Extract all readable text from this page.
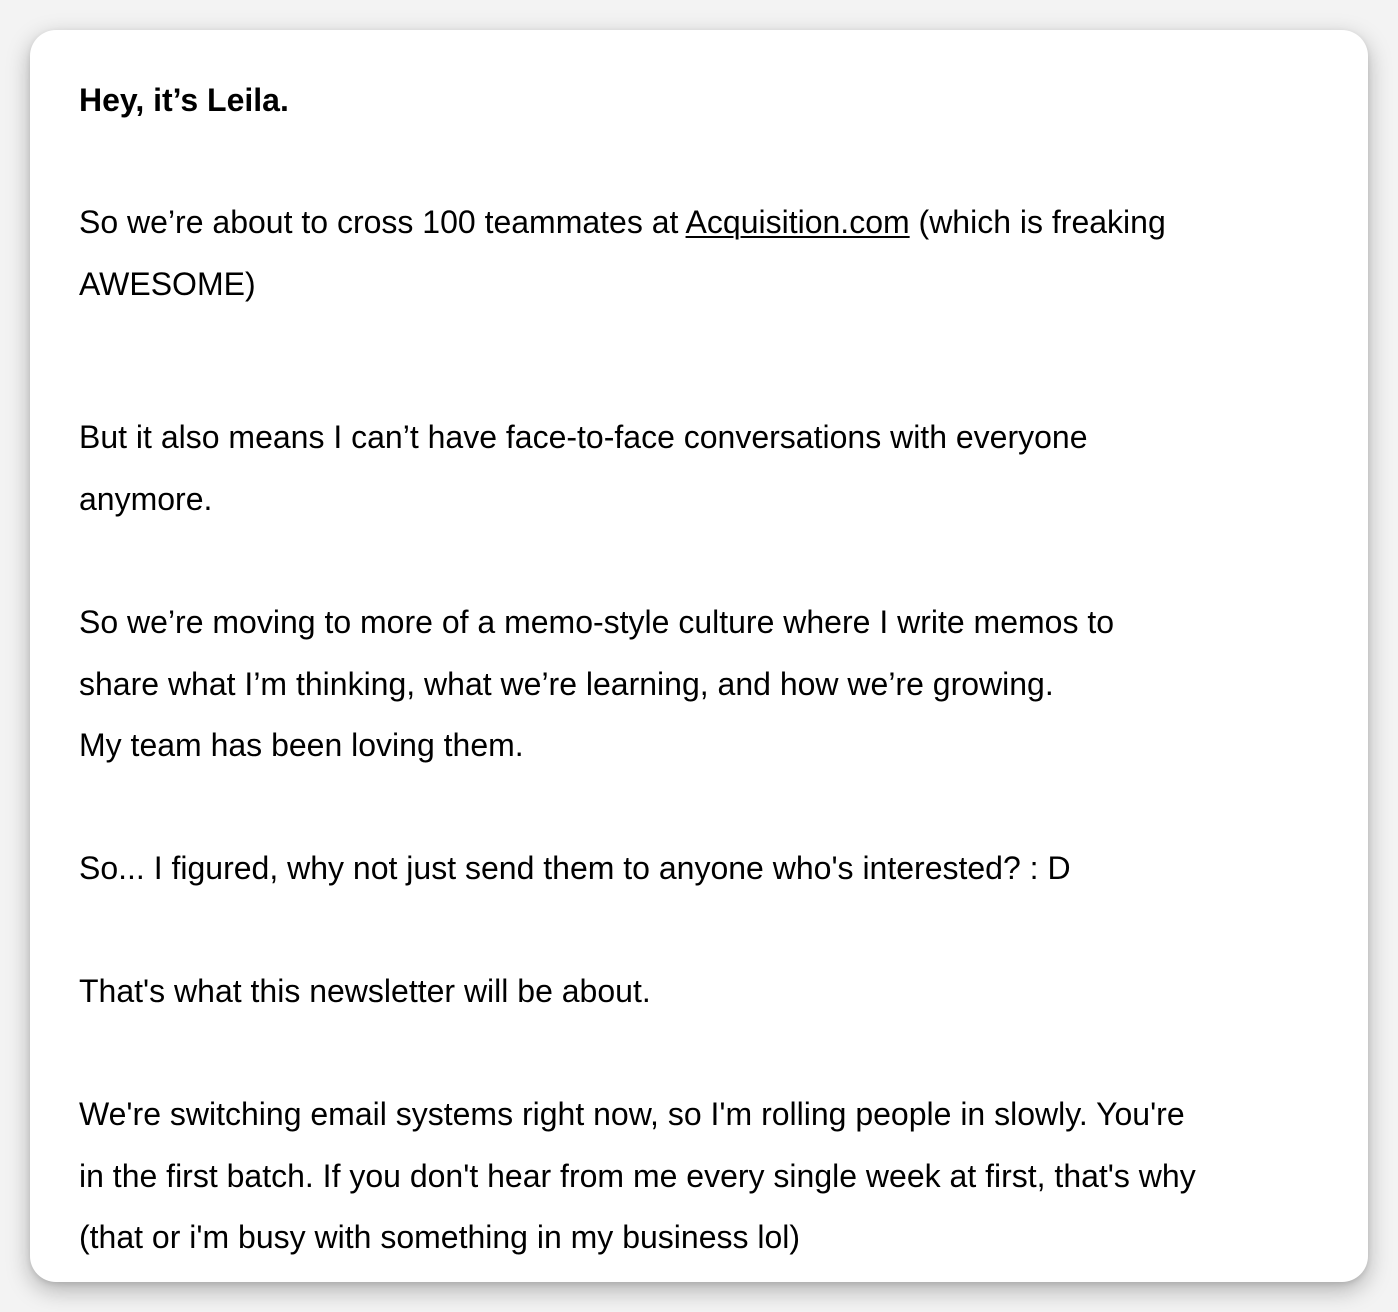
Hey, it’s Leila.

So we’re about to cross 100 teammates at Acquisition.com (which is freaking
AWESOME)

But it also means I can’t have face-to-face conversations with everyone
anymore.

So we’re moving to more of a memo-style culture where I write memos to
share what I’m thinking, what we’re learning, and how we’re growing.
My team has been loving them.

So... I figured, why not just send them to anyone who's interested? : D

That's what this newsletter will be about.

We're switching email systems right now, so I'm rolling people in slowly. You're
in the first batch. If you don't hear from me every single week at first, that's why
(that or i'm busy with something in my business lol)
